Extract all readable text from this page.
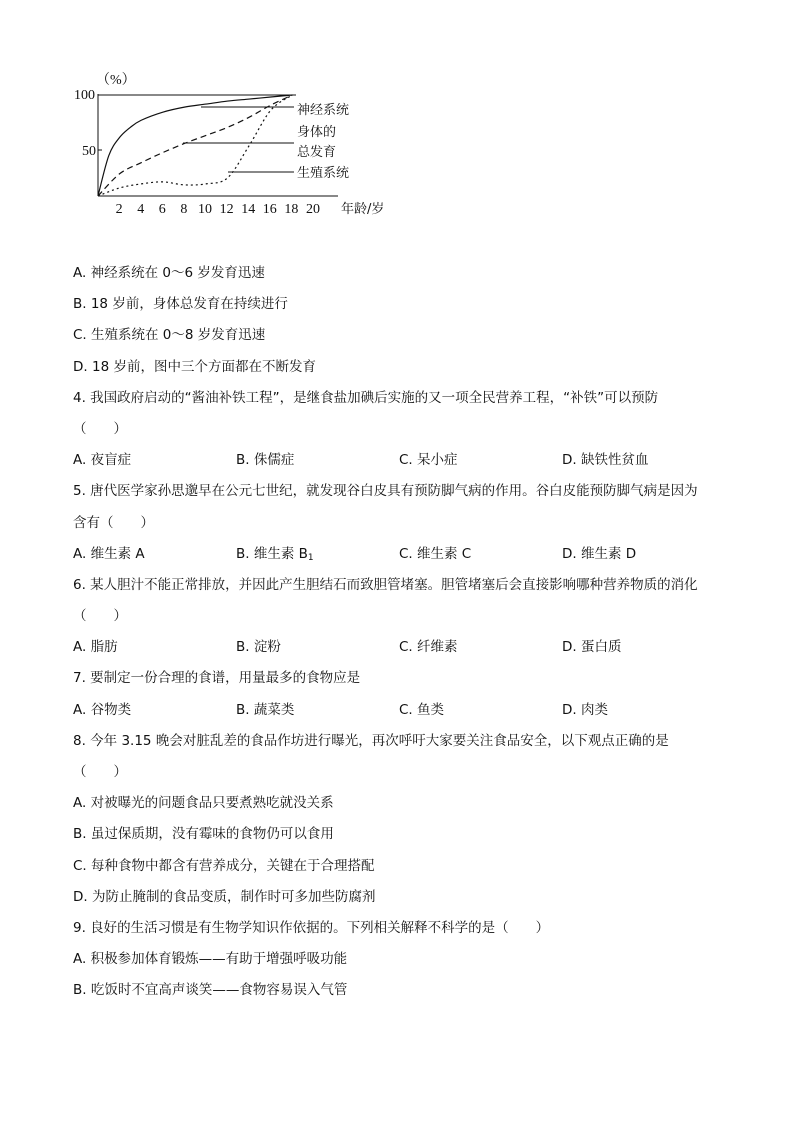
（%）
100
50
2 4 6 8 10 12 14 16 18 20 年龄/岁
神经系统
身体的
总发育
生殖系统
A. 神经系统在 0～6 岁发育迅速
B. 18 岁前，身体总发育在持续进行
C. 生殖系统在 0～8 岁发育迅速
D. 18 岁前，图中三个方面都在不断发育
4. 我国政府启动的“酱油补铁工程”，是继食盐加碘后实施的又一项全民营养工程，“补铁”可以预防
（　　）
A. 夜盲症	B. 侏儒症	C. 呆小症	D. 缺铁性贫血
5. 唐代医学家孙思邈早在公元七世纪，就发现谷白皮具有预防脚气病的作用。谷白皮能预防脚气病是因为
含有（　　）
A. 维生素 A	B. 维生素 $B_1$	C. 维生素 C	D. 维生素 D
6. 某人胆汁不能正常排放，并因此产生胆结石而致胆管堵塞。胆管堵塞后会直接影响哪种营养物质的消化
（　　）
A. 脂肪	B. 淀粉	C. 纤维素	D. 蛋白质
7. 要制定一份合理的食谱，用量最多的食物应是
A. 谷物类	B. 蔬菜类	C. 鱼类	D. 肉类
8. 今年 3.15 晚会对脏乱差的食品作坊进行曝光，再次呼吁大家要关注食品安全，以下观点正确的是
（　　）
A. 对被曝光的问题食品只要煮熟吃就没关系
B. 虽过保质期，没有霉味的食物仍可以食用
C. 每种食物中都含有营养成分，关键在于合理搭配
D. 为防止腌制的食品变质，制作时可多加些防腐剂
9. 良好的生活习惯是有生物学知识作依据的。下列相关解释不科学的是（　　）
A. 积极参加体育锻炼——有助于增强呼吸功能
B. 吃饭时不宜高声谈笑——食物容易误入气管
